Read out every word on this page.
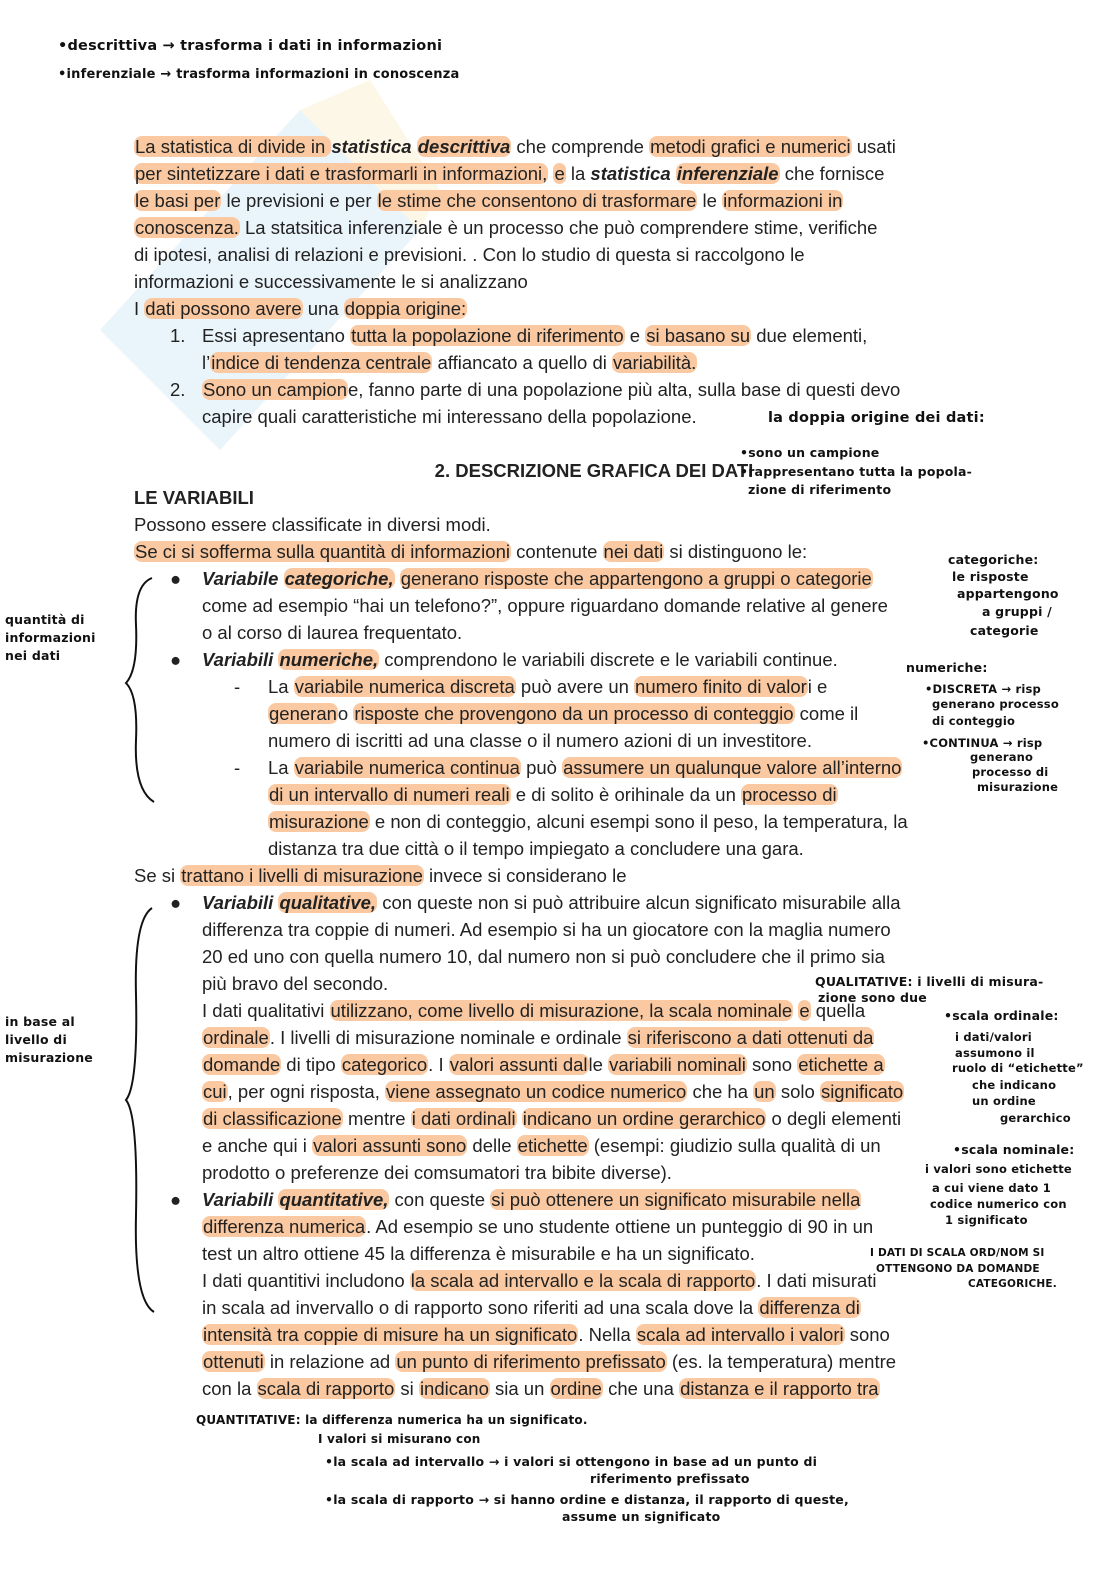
•descrittiva → trasforma i dati in informazioni
•inferenziale → trasforma informazioni in conoscenza
La statistica di divide in statistica descrittiva che comprende metodi grafici e numerici usati
per sintetizzare i dati e trasformarli in informazioni, e la statistica inferenziale che fornisce
le basi per le previsioni e per le stime che consentono di trasformare le informazioni in
conoscenza. La statsitica inferenziale è un processo che può comprendere stime, verifiche
di ipotesi, analisi di relazioni e previsioni. . Con lo studio di questa si raccolgono le
informazioni e successivamente le si analizzano
I dati possono avere una doppia origine:
1. Essi apresentano tutta la popolazione di riferimento e si basano su due elementi,
l’indice di tendenza centrale affiancato a quello di variabilità.
2. Sono un campione, fanno parte di una popolazione più alta, sulla base di questi devo
capire quali caratteristiche mi interessano della popolazione.
2. DESCRIZIONE GRAFICA DEI DATI
LE VARIABILI
Possono essere classificate in diversi modi.
Se ci si sofferma sulla quantità di informazioni contenute nei dati si distinguono le:
● Variabile categoriche, generano risposte che appartengono a gruppi o categorie
come ad esempio “hai un telefono?”, oppure riguardano domande relative al genere
o al corso di laurea frequentato.
● Variabili numeriche, comprendono le variabili discrete e le variabili continue.
- La variabile numerica discreta può avere un numero finito di valori e
generano risposte che provengono da un processo di conteggio come il
numero di iscritti ad una classe o il numero azioni di un investitore.
- La variabile numerica continua può assumere un qualunque valore all’interno
di un intervallo di numeri reali e di solito è orihinale da un processo di
misurazione e non di conteggio, alcuni esempi sono il peso, la temperatura, la
distanza tra due città o il tempo impiegato a concludere una gara.
Se si trattano i livelli di misurazione invece si considerano le
● Variabili qualitative, con queste non si può attribuire alcun significato misurabile alla
differenza tra coppie di numeri. Ad esempio si ha un giocatore con la maglia numero
20 ed uno con quella numero 10, dal numero non si può concludere che il primo sia
più bravo del secondo.
I dati qualitativi utilizzano, come livello di misurazione, la scala nominale e quella
ordinale. I livelli di misurazione nominale e ordinale si riferiscono a dati ottenuti da
domande di tipo categorico. I valori assunti dalle variabili nominali sono etichette a
cui, per ogni risposta, viene assegnato un codice numerico che ha un solo significato
di classificazione mentre i dati ordinali indicano un ordine gerarchico o degli elementi
e anche qui i valori assunti sono delle etichette (esempi: giudizio sulla qualità di un
prodotto o preferenze dei comsumatori tra bibite diverse).
● Variabili quantitative, con queste si può ottenere un significato misurabile nella
differenza numerica. Ad esempio se uno studente ottiene un punteggio di 90 in un
test un altro ottiene 45 la differenza è misurabile e ha un significato.
I dati quantitivi includono la scala ad intervallo e la scala di rapporto. I dati misurati
in scala ad invervallo o di rapporto sono riferiti ad una scala dove la differenza di
intensità tra coppie di misure ha un significato. Nella scala ad intervallo i valori sono
ottenuti in relazione ad un punto di riferimento prefissato (es. la temperatura) mentre
con la scala di rapporto si indicano sia un ordine che una distanza e il rapporto tra
la doppia origine dei dati:
•sono un campione
•rappresentano tutta la popola-
zione di riferimento
categoriche:
le risposte
appartengono
a gruppi /
categorie
numeriche:
•DISCRETA → risp
generano processo
di conteggio
•CONTINUA → risp
generano
processo di
misurazione
quantità di
informazioni
nei dati
in base al
livello di
misurazione
QUALITATIVE: i livelli di misura-
zione sono due
•scala ordinale:
i dati/valori
assumono il
ruolo di “etichette”
che indicano
un ordine
gerarchico
•scala nominale:
i valori sono etichette
a cui viene dato 1
codice numerico con
1 significato
I DATI DI SCALA ORD/NOM SI
OTTENGONO DA DOMANDE
CATEGORICHE.
QUANTITATIVE: la differenza numerica ha un significato.
I valori si misurano con
•la scala ad intervallo → i valori si ottengono in base ad un punto di
riferimento prefissato
•la scala di rapporto → si hanno ordine e distanza, il rapporto di queste,
assume un significato
